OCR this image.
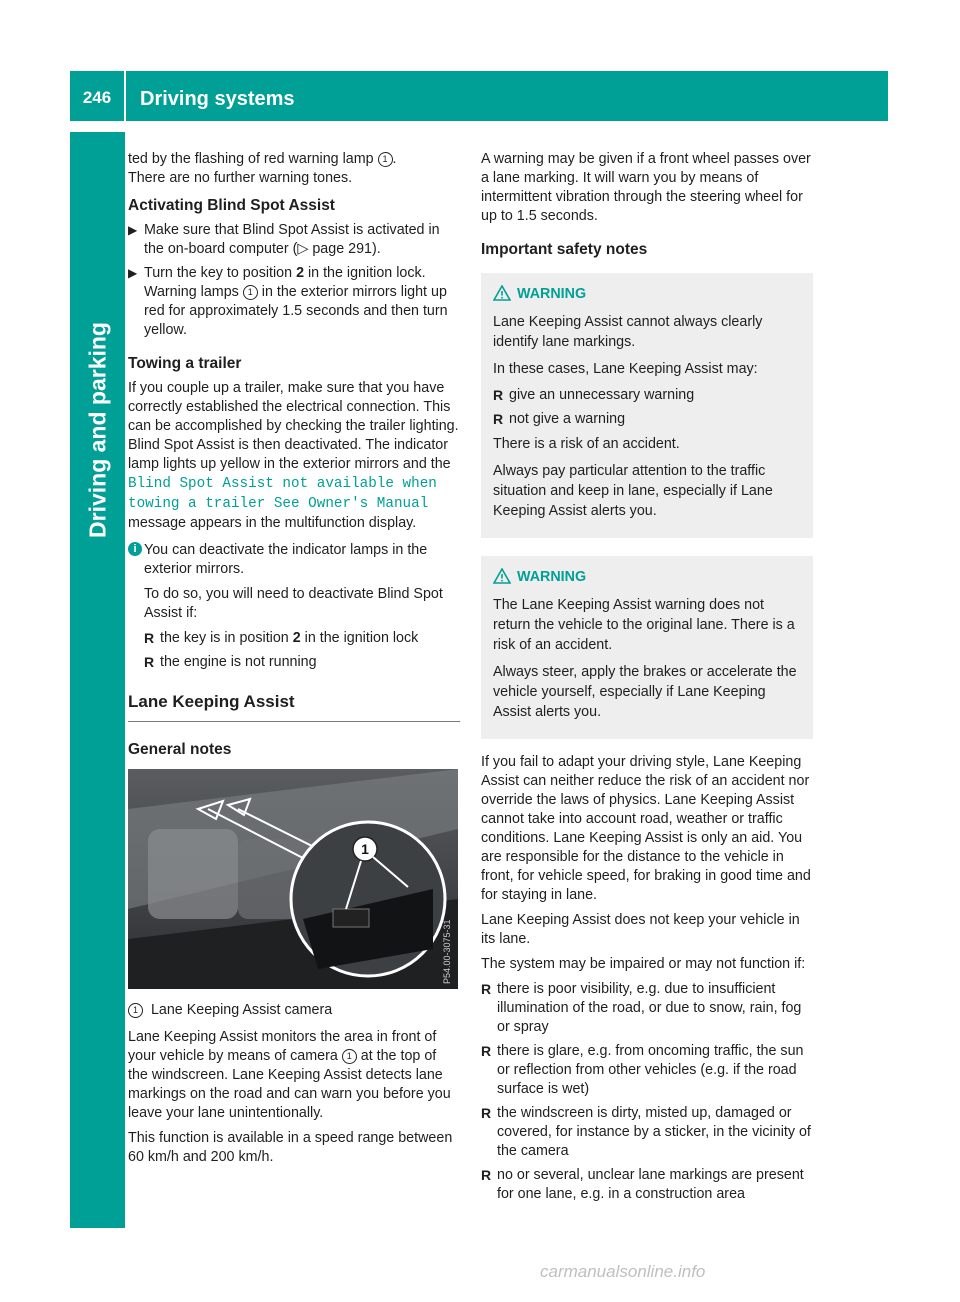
246	Driving systems
Driving and parking

ted by the flashing of red warning lamp 1 .
There are no further warning tones.

Activating Blind Spot Assist
▶ Make sure that Blind Spot Assist is activated in the on-board computer (▷ page 291).
▶ Turn the key to position 2 in the ignition lock. Warning lamps 1 in the exterior mirrors light up red for approximately 1.5 seconds and then turn yellow.
Towing a trailer

If you couple up a trailer, make sure that you have correctly established the electrical connection. This can be accomplished by checking the trailer lighting. Blind Spot Assist is then deactivated. The indicator lamp lights up yellow in the exterior mirrors and the Blind Spot Assist not available when towing a trailer See Owner's Manual message appears in the multifunction display.

i You can deactivate the indicator lamps in the exterior mirrors.

To do so, you will need to deactivate Blind Spot Assist if:

R the key is in position 2 in the ignition lock
R the engine is not running
Lane Keeping Assist
General notes
1
P54.00-3075-31

1 Lane Keeping Assist camera

Lane Keeping Assist monitors the area in front of your vehicle by means of camera 1 at the top of the windscreen. Lane Keeping Assist detects lane markings on the road and can warn you before you leave your lane unintentionally.

This function is available in a speed range between 60 km/h and 200 km/h.

A warning may be given if a front wheel passes over a lane marking. It will warn you by means of intermittent vibration through the steering wheel for up to 1.5 seconds.

Important safety notes
WARNING

Lane Keeping Assist cannot always clearly identify lane markings.

In these cases, Lane Keeping Assist may:

R give an unnecessary warning
R not give a warning

There is a risk of an accident.

Always pay particular attention to the traffic situation and keep in lane, especially if Lane Keeping Assist alerts you.

WARNING

The Lane Keeping Assist warning does not return the vehicle to the original lane. There is a risk of an accident.

Always steer, apply the brakes or accelerate the vehicle yourself, especially if Lane Keeping Assist alerts you.

If you fail to adapt your driving style, Lane Keeping Assist can neither reduce the risk of an accident nor override the laws of physics. Lane Keeping Assist cannot take into account road, weather or traffic conditions. Lane Keeping Assist is only an aid. You are responsible for the distance to the vehicle in front, for vehicle speed, for braking in good time and for staying in lane.

Lane Keeping Assist does not keep your vehicle in its lane.

The system may be impaired or may not function if:

R there is poor visibility, e.g. due to insufficient illumination of the road, or due to snow, rain, fog or spray
R there is glare, e.g. from oncoming traffic, the sun or reflection from other vehicles (e.g. if the road surface is wet)
R the windscreen is dirty, misted up, damaged or covered, for instance by a sticker, in the vicinity of the camera
R no or several, unclear lane markings are present for one lane, e.g. in a construction area
carmanualsonline.info
